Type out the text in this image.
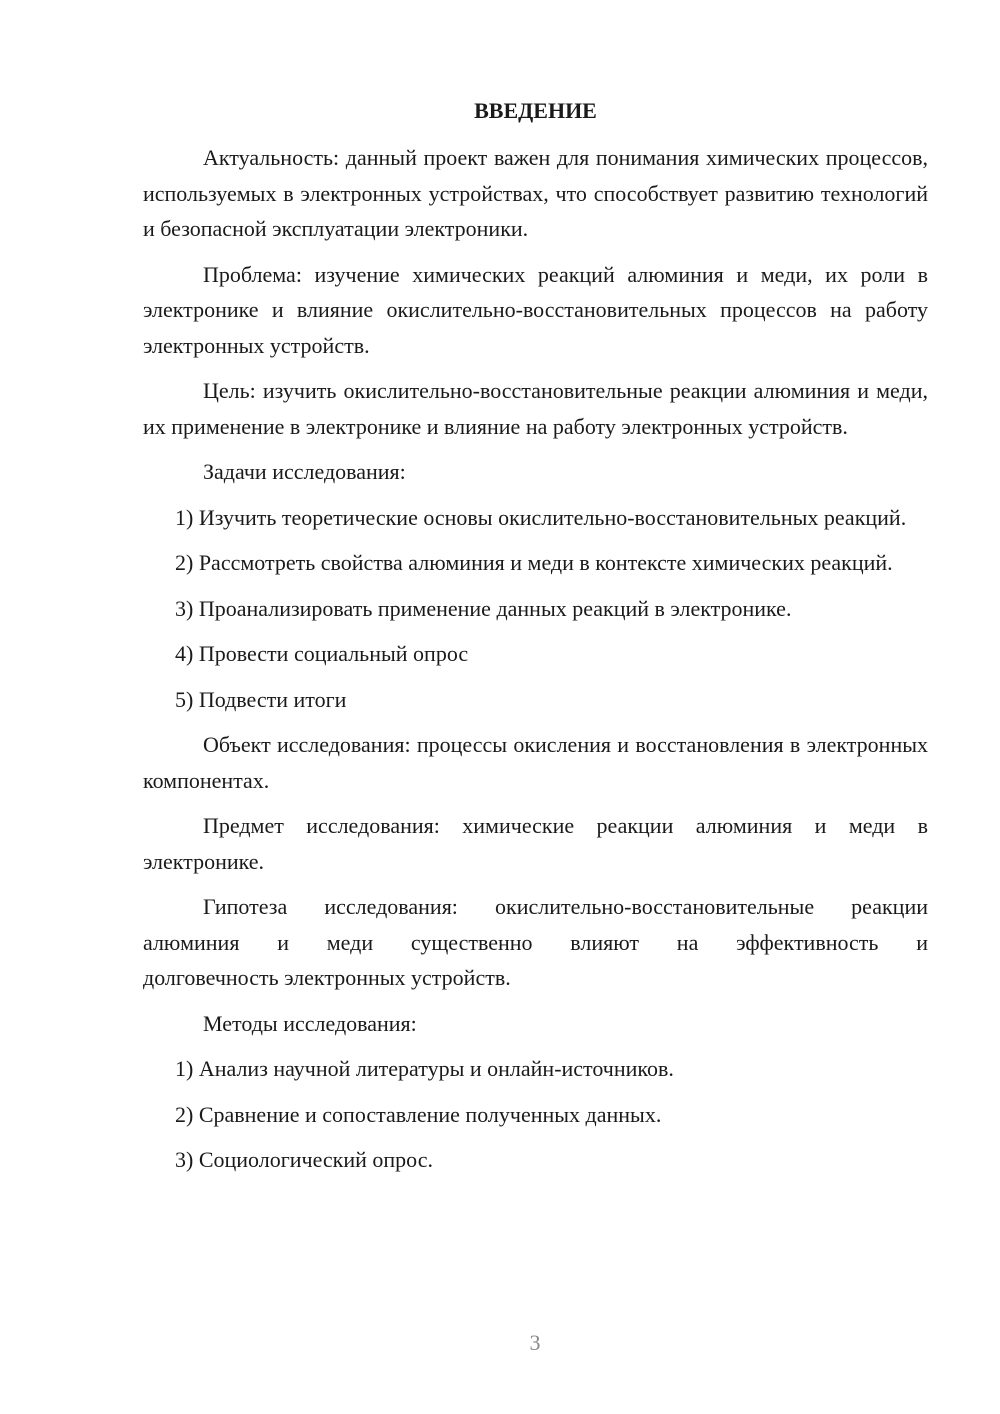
ВВЕДЕНИЕ

Актуальность: данный проект важен для понимания химических процессов, используемых в электронных устройствах, что способствует развитию технологий и безопасной эксплуатации электроники.

Проблема: изучение химических реакций алюминия и меди, их роли в электронике и влияние окислительно-восстановительных процессов на работу электронных устройств.

Цель: изучить окислительно-восстановительные реакции алюминия и меди, их применение в электронике и влияние на работу электронных устройств.

Задачи исследования:

1) Изучить теоретические основы окислительно-восстановительных реакций.

2) Рассмотреть свойства алюминия и меди в контексте химических реакций.

3) Проанализировать применение данных реакций в электронике.

4) Провести социальный опрос

5) Подвести итоги

Объект исследования: процессы окисления и восстановления в электронных компонентах.

Предмет исследования: химические реакции алюминия и меди в электронике.

Гипотеза исследования: окислительно-восстановительные реакции
алюминия и меди существенно влияют на эффективность и
долговечность электронных устройств.

Методы исследования:

1) Анализ научной литературы и онлайн-источников.

2) Сравнение и сопоставление полученных данных.

3) Социологический опрос.

3
